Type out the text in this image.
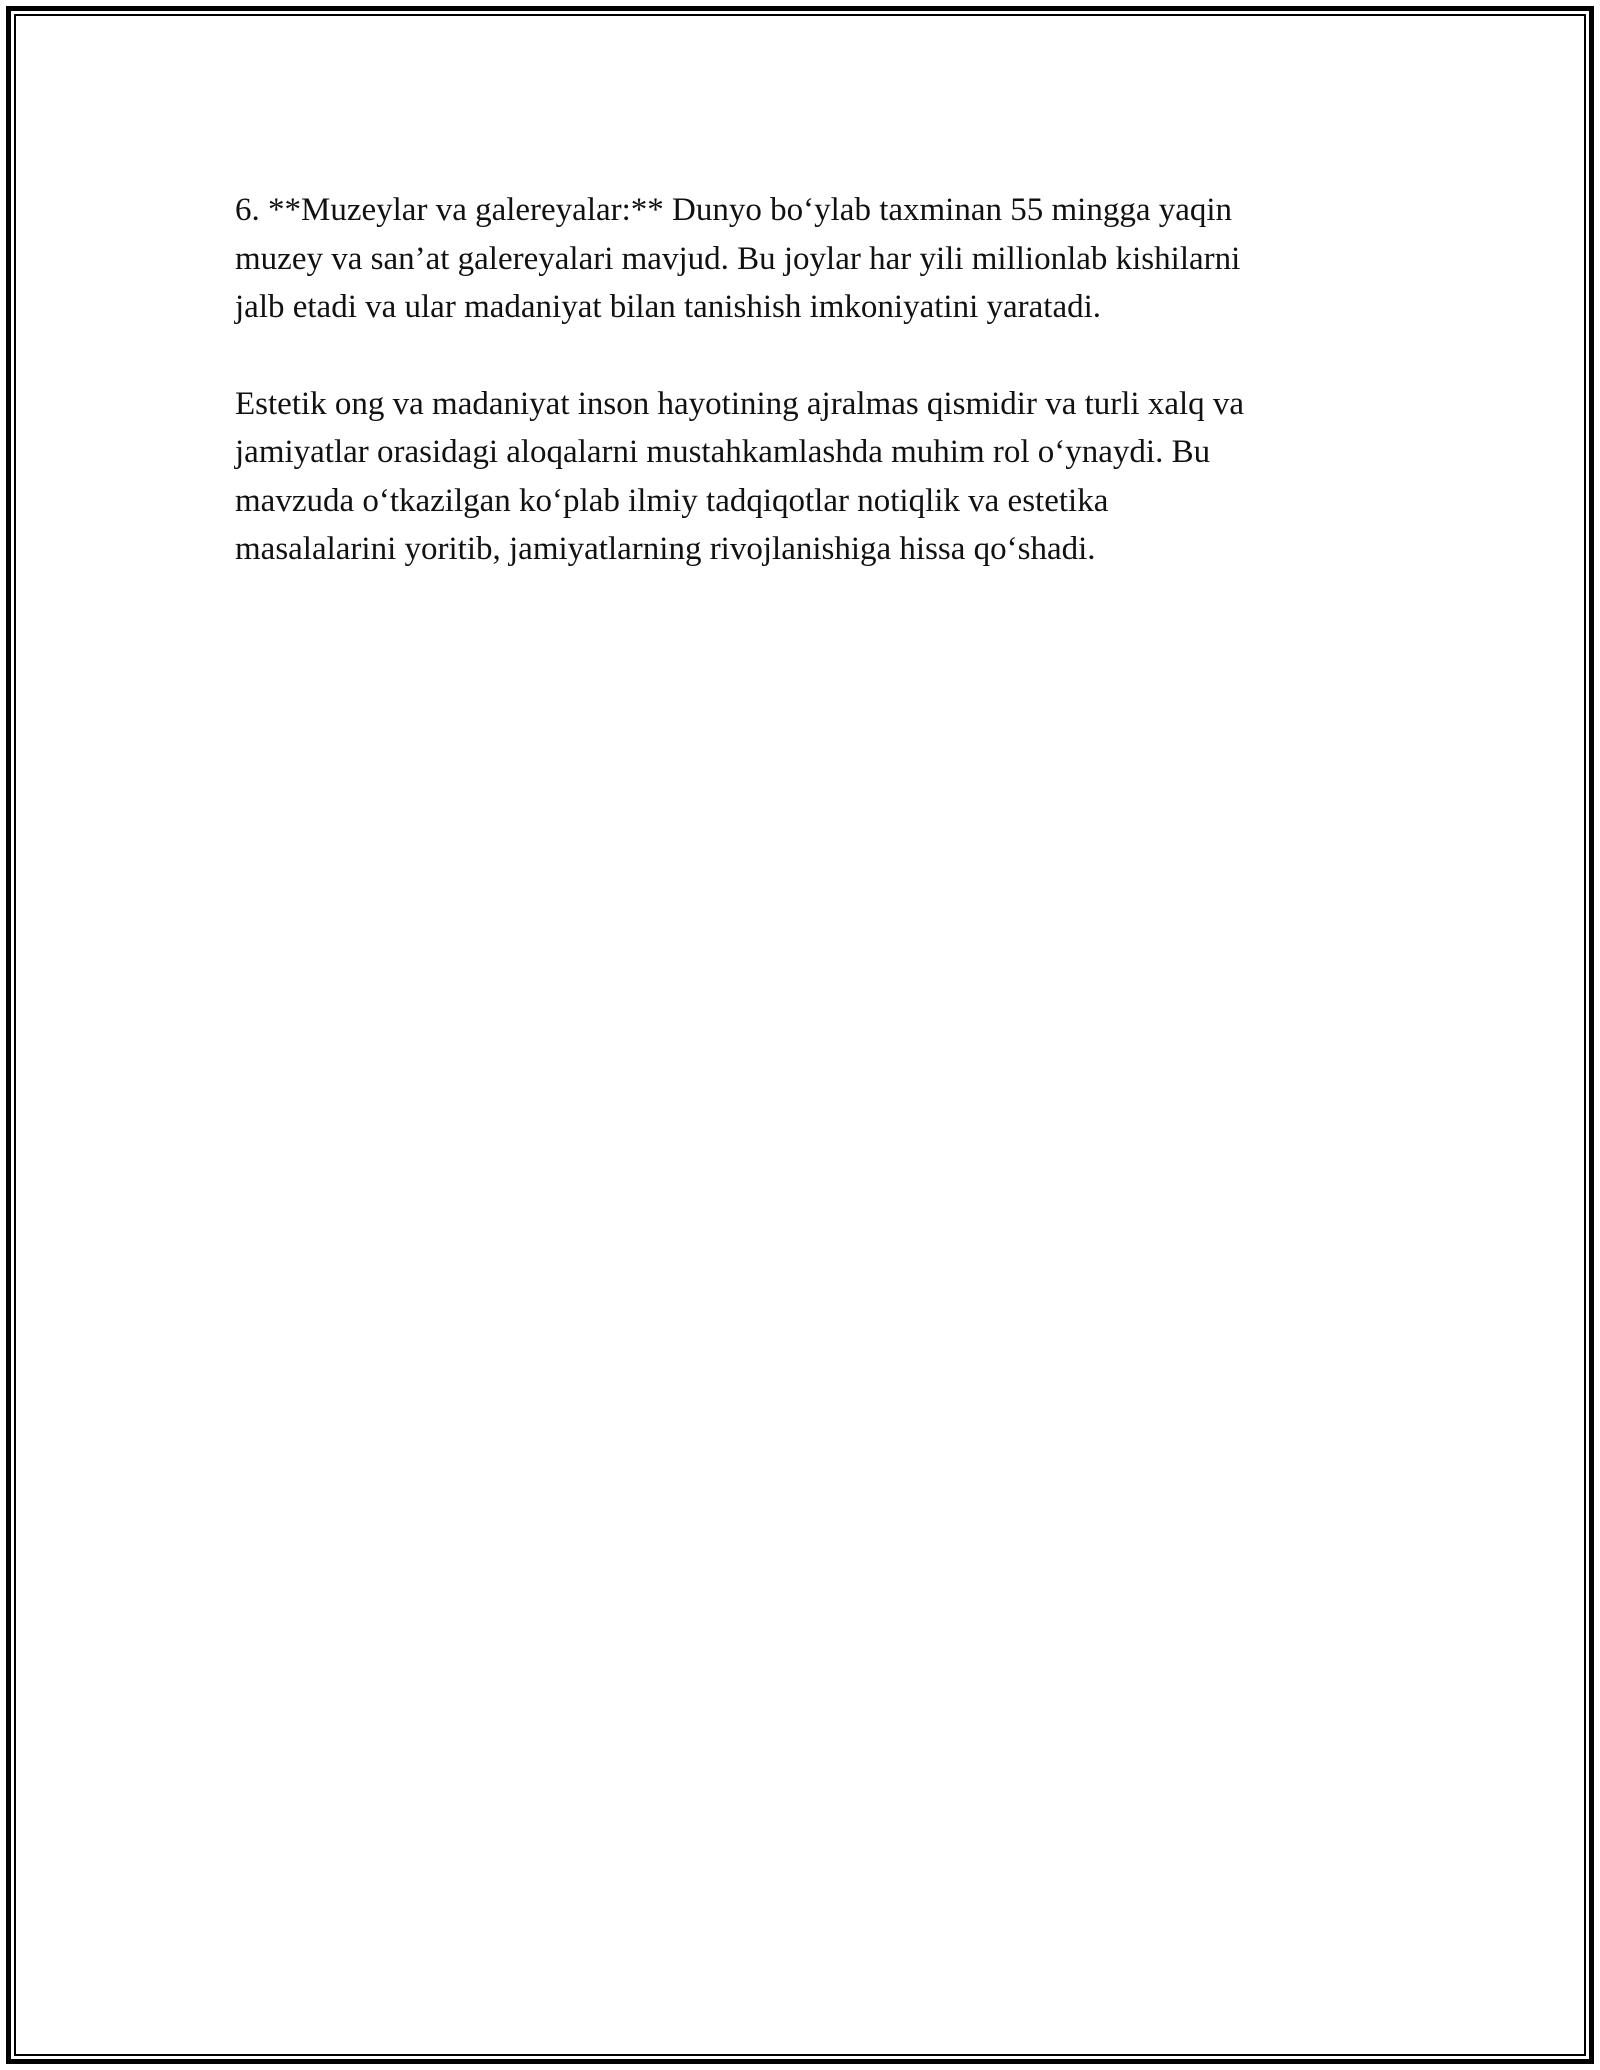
6. **Muzeylar va galereyalar:** Dunyo bo‘ylab taxminan 55 mingga yaqin
muzey va san’at galereyalari mavjud. Bu joylar har yili millionlab kishilarni
jalb etadi va ular madaniyat bilan tanishish imkoniyatini yaratadi.

Estetik ong va madaniyat inson hayotining ajralmas qismidir va turli xalq va
jamiyatlar orasidagi aloqalarni mustahkamlashda muhim rol o‘ynaydi. Bu
mavzuda o‘tkazilgan ko‘plab ilmiy tadqiqotlar notiqlik va estetika
masalalarini yoritib, jamiyatlarning rivojlanishiga hissa qo‘shadi.
